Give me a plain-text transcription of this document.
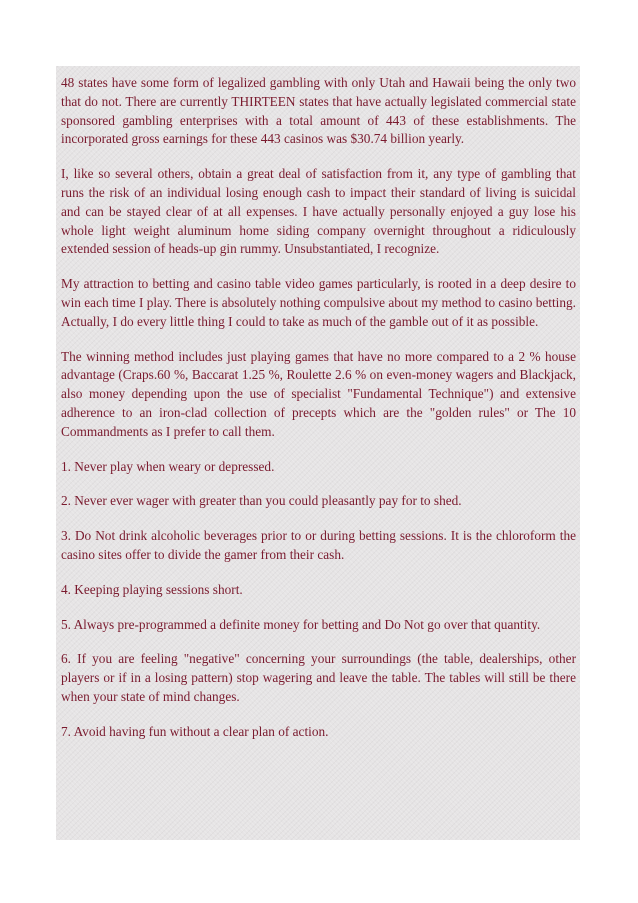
48 states have some form of legalized gambling with only Utah and Hawaii being the only two that do not. There are currently THIRTEEN states that have actually legislated commercial state sponsored gambling enterprises with a total amount of 443 of these establishments. The incorporated gross earnings for these 443 casinos was $30.74 billion yearly.

I, like so several others, obtain a great deal of satisfaction from it, any type of gambling that runs the risk of an individual losing enough cash to impact their standard of living is suicidal and can be stayed clear of at all expenses. I have actually personally enjoyed a guy lose his whole light weight aluminum home siding company overnight throughout a ridiculously extended session of heads-up gin rummy. Unsubstantiated, I recognize.

My attraction to betting and casino table video games particularly, is rooted in a deep desire to win each time I play. There is absolutely nothing compulsive about my method to casino betting. Actually, I do every little thing I could to take as much of the gamble out of it as possible.

The winning method includes just playing games that have no more compared to a 2 % house advantage (Craps.60 %, Baccarat 1.25 %, Roulette 2.6 % on even-money wagers and Blackjack, also money depending upon the use of specialist "Fundamental Technique") and extensive adherence to an iron-clad collection of precepts which are the "golden rules" or The 10 Commandments as I prefer to call them.

1. Never play when weary or depressed.

2. Never ever wager with greater than you could pleasantly pay for to shed.

3. Do Not drink alcoholic beverages prior to or during betting sessions. It is the chloroform the casino sites offer to divide the gamer from their cash.

4. Keeping playing sessions short.

5. Always pre-programmed a definite money for betting and Do Not go over that quantity.

6. If you are feeling "negative" concerning your surroundings (the table, dealerships, other players or if in a losing pattern) stop wagering and leave the table. The tables will still be there when your state of mind changes.

7. Avoid having fun without a clear plan of action.
